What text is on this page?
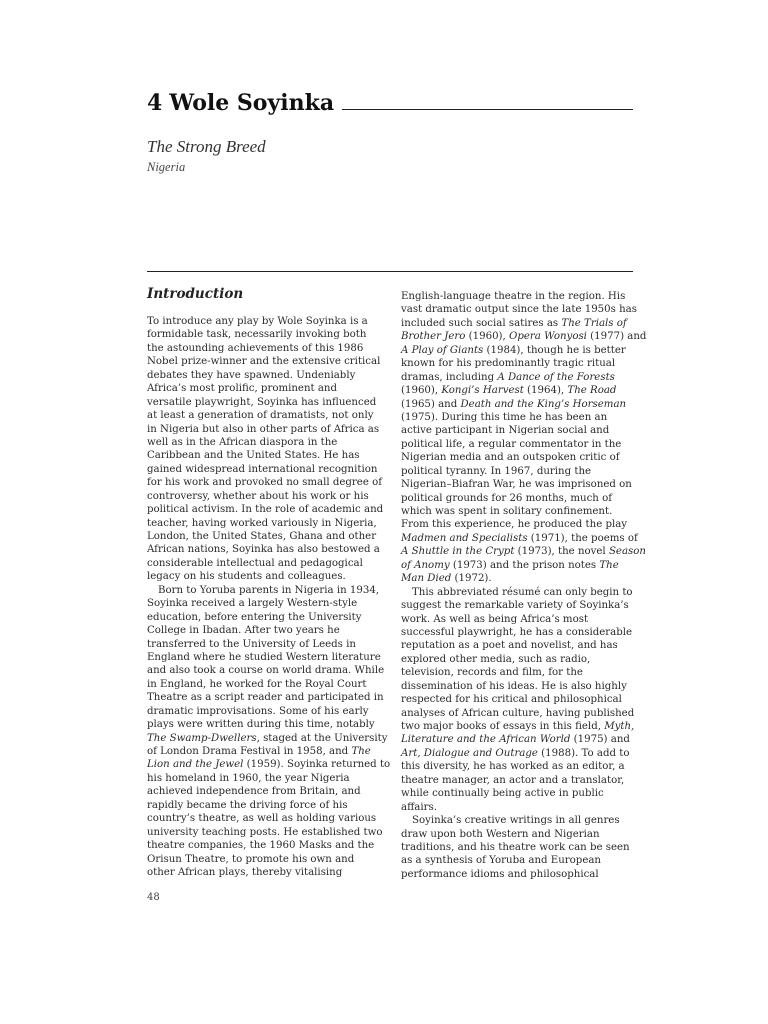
4 Wole Soyinka
The Strong Breed
Nigeria
Introduction
To introduce any play by Wole Soyinka is a
formidable task, necessarily invoking both
the astounding achievements of this 1986
Nobel prize-winner and the extensive critical
debates they have spawned. Undeniably
Africa’s most prolific, prominent and
versatile playwright, Soyinka has influenced
at least a generation of dramatists, not only
in Nigeria but also in other parts of Africa as
well as in the African diaspora in the
Caribbean and the United States. He has
gained widespread international recognition
for his work and provoked no small degree of
controversy, whether about his work or his
political activism. In the role of academic and
teacher, having worked variously in Nigeria,
London, the United States, Ghana and other
African nations, Soyinka has also bestowed a
considerable intellectual and pedagogical
legacy on his students and colleagues.
Born to Yoruba parents in Nigeria in 1934,
Soyinka received a largely Western-style
education, before entering the University
College in Ibadan. After two years he
transferred to the University of Leeds in
England where he studied Western literature
and also took a course on world drama. While
in England, he worked for the Royal Court
Theatre as a script reader and participated in
dramatic improvisations. Some of his early
plays were written during this time, notably
The Swamp-Dwellers, staged at the University
of London Drama Festival in 1958, and The
Lion and the Jewel (1959). Soyinka returned to
his homeland in 1960, the year Nigeria
achieved independence from Britain, and
rapidly became the driving force of his
country’s theatre, as well as holding various
university teaching posts. He established two
theatre companies, the 1960 Masks and the
Orisun Theatre, to promote his own and
other African plays, thereby vitalising
English-language theatre in the region. His
vast dramatic output since the late 1950s has
included such social satires as The Trials of
Brother Jero (1960), Opera Wonyosi (1977) and
A Play of Giants (1984), though he is better
known for his predominantly tragic ritual
dramas, including A Dance of the Forests
(1960), Kongi’s Harvest (1964), The Road
(1965) and Death and the King’s Horseman
(1975). During this time he has been an
active participant in Nigerian social and
political life, a regular commentator in the
Nigerian media and an outspoken critic of
political tyranny. In 1967, during the
Nigerian–Biafran War, he was imprisoned on
political grounds for 26 months, much of
which was spent in solitary confinement.
From this experience, he produced the play
Madmen and Specialists (1971), the poems of
A Shuttle in the Crypt (1973), the novel Season
of Anomy (1973) and the prison notes The
Man Died (1972).
This abbreviated résumé can only begin to
suggest the remarkable variety of Soyinka’s
work. As well as being Africa’s most
successful playwright, he has a considerable
reputation as a poet and novelist, and has
explored other media, such as radio,
television, records and film, for the
dissemination of his ideas. He is also highly
respected for his critical and philosophical
analyses of African culture, having published
two major books of essays in this field, Myth,
Literature and the African World (1975) and
Art, Dialogue and Outrage (1988). To add to
this diversity, he has worked as an editor, a
theatre manager, an actor and a translator,
while continually being active in public
affairs.
Soyinka’s creative writings in all genres
draw upon both Western and Nigerian
traditions, and his theatre work can be seen
as a synthesis of Yoruba and European
performance idioms and philosophical
48
